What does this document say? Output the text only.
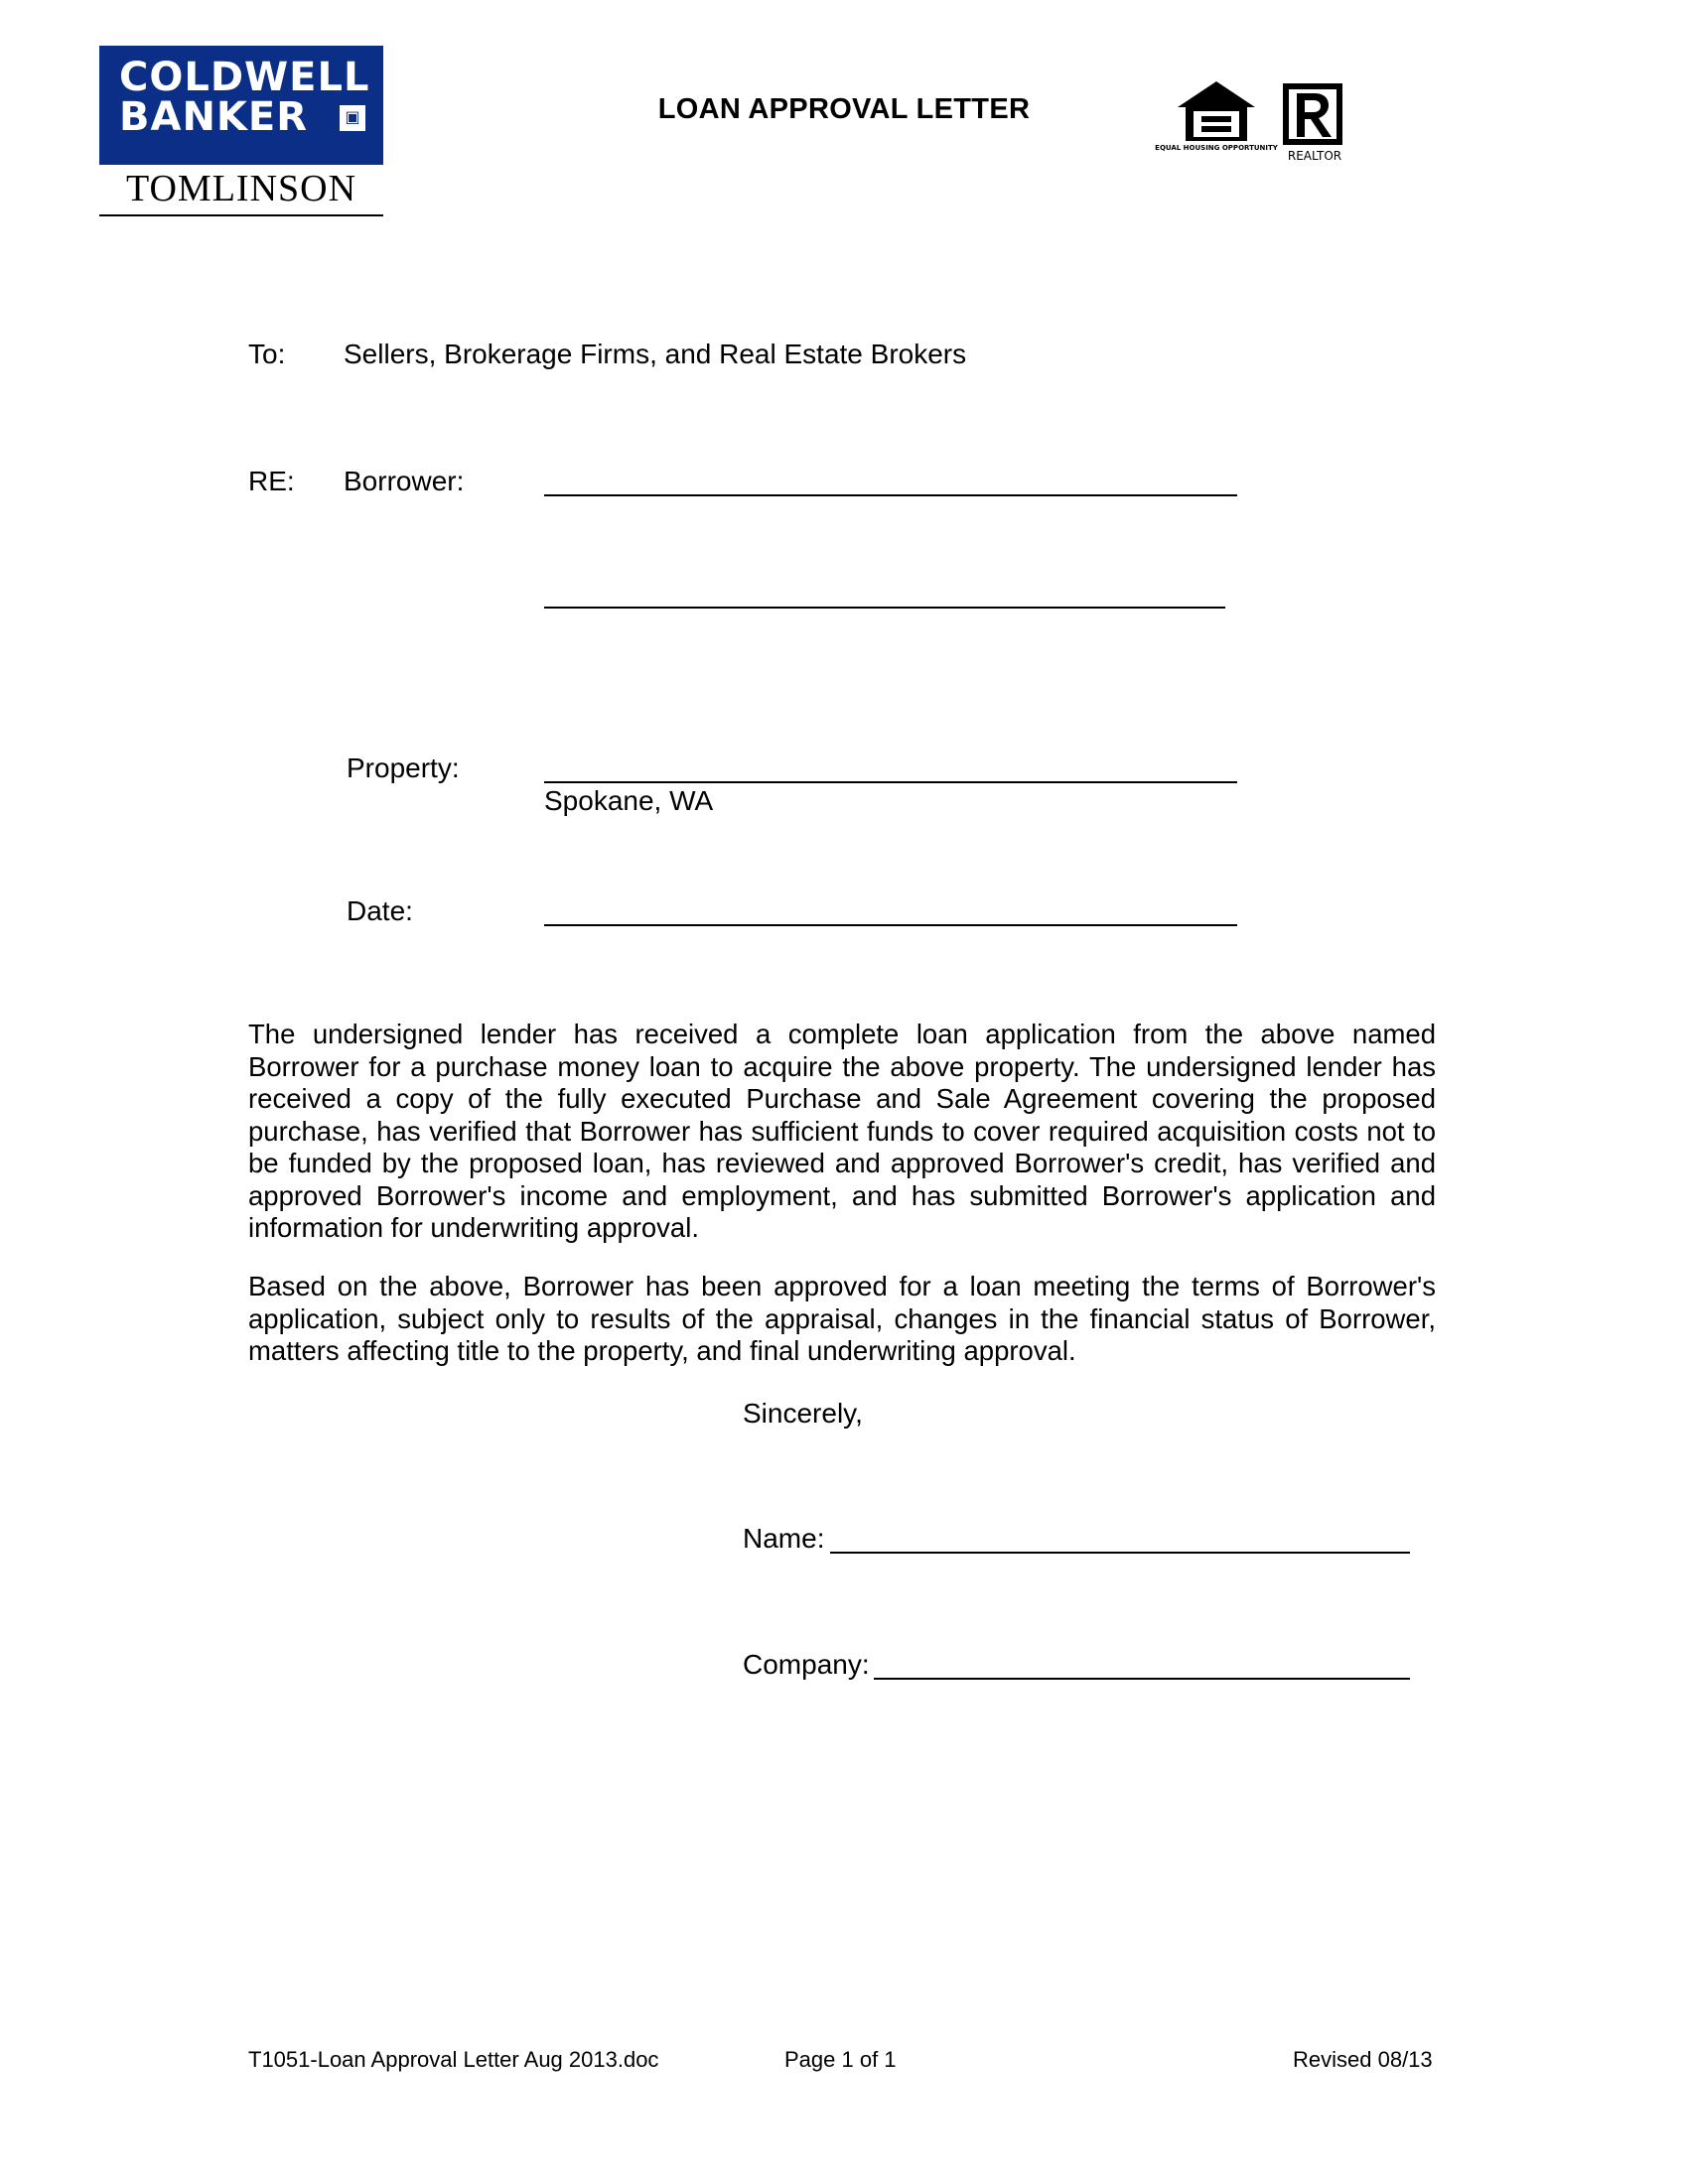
COLDWELL
BANKER	▣
TOMLINSON
LOAN APPROVAL LETTER
EQUAL HOUSING OPPORTUNITY
REALTOR
To: Sellers, Brokerage Firms, and Real Estate Brokers
RE: Borrower:
Property:
Spokane, WA
Date:
The undersigned lender has received a complete loan application from the above named Borrower for a purchase money loan to acquire the above property. The undersigned lender has received a copy of the fully executed Purchase and Sale Agreement covering the proposed purchase, has verified that Borrower has sufficient funds to cover required acquisition costs not to be funded by the proposed loan, has reviewed and approved Borrower's credit, has verified and approved Borrower's income and employment, and has submitted Borrower's application and information for underwriting approval.
Based on the above, Borrower has been approved for a loan meeting the terms of Borrower's application, subject only to results of the appraisal, changes in the financial status of Borrower, matters affecting title to the property, and final underwriting approval.
Sincerely,
Name:
Company:
T1051-Loan Approval Letter Aug 2013.doc	Page 1 of 1	Revised 08/13
